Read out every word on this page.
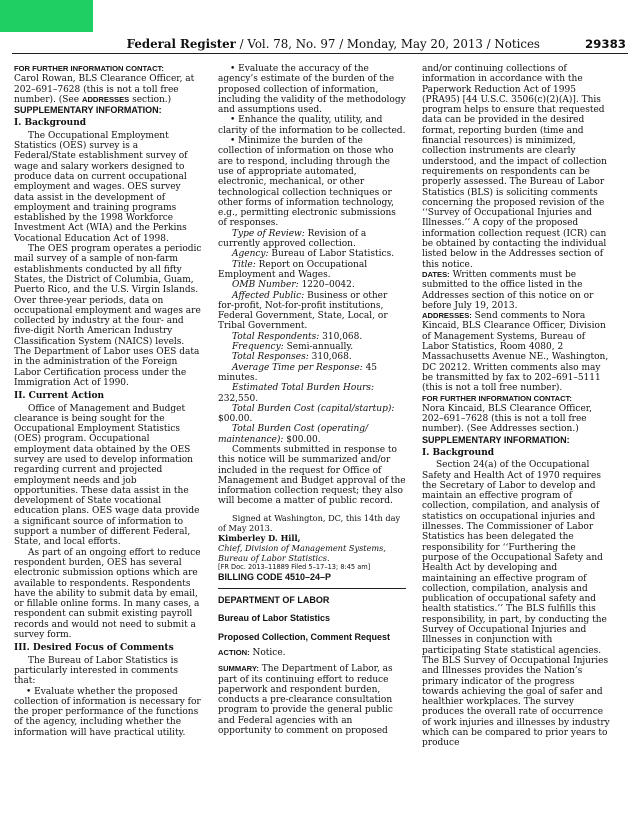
Federal Register / Vol. 78, No. 97 / Monday, May 20, 2013 / Notices	29383

FOR FURTHER INFORMATION CONTACT:
Carol Rowan, BLS Clearance Officer, at 202–691–7628 (this is not a toll free number). (See ADDRESSES section.)

SUPPLEMENTARY INFORMATION:

I. Background

The Occupational Employment Statistics (OES) survey is a Federal/State establishment survey of wage and salary workers designed to produce data on current occupational employment and wages. OES survey data assist in the development of employment and training programs established by the 1998 Workforce Investment Act (WIA) and the Perkins Vocational Education Act of 1998.

The OES program operates a periodic mail survey of a sample of non-farm establishments conducted by all fifty States, the District of Columbia, Guam, Puerto Rico, and the U.S. Virgin Islands. Over three-year periods, data on occupational employment and wages are collected by industry at the four- and five-digit North American Industry Classification System (NAICS) levels. The Department of Labor uses OES data in the administration of the Foreign Labor Certification process under the Immigration Act of 1990.

II. Current Action

Office of Management and Budget clearance is being sought for the Occupational Employment Statistics (OES) program. Occupational employment data obtained by the OES survey are used to develop information regarding current and projected employment needs and job opportunities. These data assist in the development of State vocational education plans. OES wage data provide a significant source of information to support a number of different Federal, State, and local efforts.

As part of an ongoing effort to reduce respondent burden, OES has several electronic submission options which are available to respondents. Respondents have the ability to submit data by email, or fillable online forms. In many cases, a respondent can submit existing payroll records and would not need to submit a survey form.

III. Desired Focus of Comments

The Bureau of Labor Statistics is particularly interested in comments that:

• Evaluate whether the proposed collection of information is necessary for the proper performance of the functions of the agency, including whether the information will have practical utility.

• Evaluate the accuracy of the agency’s estimate of the burden of the proposed collection of information, including the validity of the methodology and assumptions used.

• Enhance the quality, utility, and clarity of the information to be collected.

• Minimize the burden of the collection of information on those who are to respond, including through the use of appropriate automated, electronic, mechanical, or other technological collection techniques or other forms of information technology, e.g., permitting electronic submissions of responses.

Type of Review: Revision of a currently approved collection.

Agency: Bureau of Labor Statistics.

Title: Report on Occupational Employment and Wages.

OMB Number: 1220–0042.

Affected Public: Business or other for-profit, Not-for-profit institutions, Federal Government, State, Local, or Tribal Government.

Total Respondents: 310,068.

Frequency: Semi-annually.

Total Responses: 310,068.

Average Time per Response: 45 minutes.

Estimated Total Burden Hours: 232,550.

Total Burden Cost (capital/startup): $00.00.

Total Burden Cost (operating/ maintenance): $00.00.

Comments submitted in response to this notice will be summarized and/or included in the request for Office of Management and Budget approval of the information collection request; they also will become a matter of public record.

Signed at Washington, DC, this 14th day of May 2013.

Kimberley D. Hill,

Chief, Division of Management Systems, Bureau of Labor Statistics.

[FR Doc. 2013–11889 Filed 5–17–13; 8:45 am]

BILLING CODE 4510–24–P

DEPARTMENT OF LABOR

Bureau of Labor Statistics

Proposed Collection, Comment Request

ACTION: Notice.

SUMMARY: The Department of Labor, as part of its continuing effort to reduce paperwork and respondent burden, conducts a pre-clearance consultation program to provide the general public and Federal agencies with an opportunity to comment on proposed

and/or continuing collections of information in accordance with the Paperwork Reduction Act of 1995 (PRA95) [44 U.S.C. 3506(c)(2)(A)]. This program helps to ensure that requested data can be provided in the desired format, reporting burden (time and financial resources) is minimized, collection instruments are clearly understood, and the impact of collection requirements on respondents can be properly assessed. The Bureau of Labor Statistics (BLS) is soliciting comments concerning the proposed revision of the ‘‘Survey of Occupational Injuries and Illnesses.’’ A copy of the proposed information collection request (ICR) can be obtained by contacting the individual listed below in the Addresses section of this notice.

DATES: Written comments must be submitted to the office listed in the Addresses section of this notice on or before July 19, 2013.

ADDRESSES: Send comments to Nora Kincaid, BLS Clearance Officer, Division of Management Systems, Bureau of Labor Statistics, Room 4080, 2 Massachusetts Avenue NE., Washington, DC 20212. Written comments also may be transmitted by fax to 202–691–5111 (this is not a toll free number).

FOR FURTHER INFORMATION CONTACT:
Nora Kincaid, BLS Clearance Officer, 202–691–7628 (this is not a toll free number). (See Addresses section.)

SUPPLEMENTARY INFORMATION:

I. Background

Section 24(a) of the Occupational Safety and Health Act of 1970 requires the Secretary of Labor to develop and maintain an effective program of collection, compilation, and analysis of statistics on occupational injuries and illnesses. The Commissioner of Labor Statistics has been delegated the responsibility for ‘‘Furthering the purpose of the Occupational Safety and Health Act by developing and maintaining an effective program of collection, compilation, analysis and publication of occupational safety and health statistics.’’ The BLS fulfills this responsibility, in part, by conducting the Survey of Occupational Injuries and Illnesses in conjunction with participating State statistical agencies. The BLS Survey of Occupational Injuries and Illnesses provides the Nation’s primary indicator of the progress towards achieving the goal of safer and healthier workplaces. The survey produces the overall rate of occurrence of work injuries and illnesses by industry which can be compared to prior years to produce
